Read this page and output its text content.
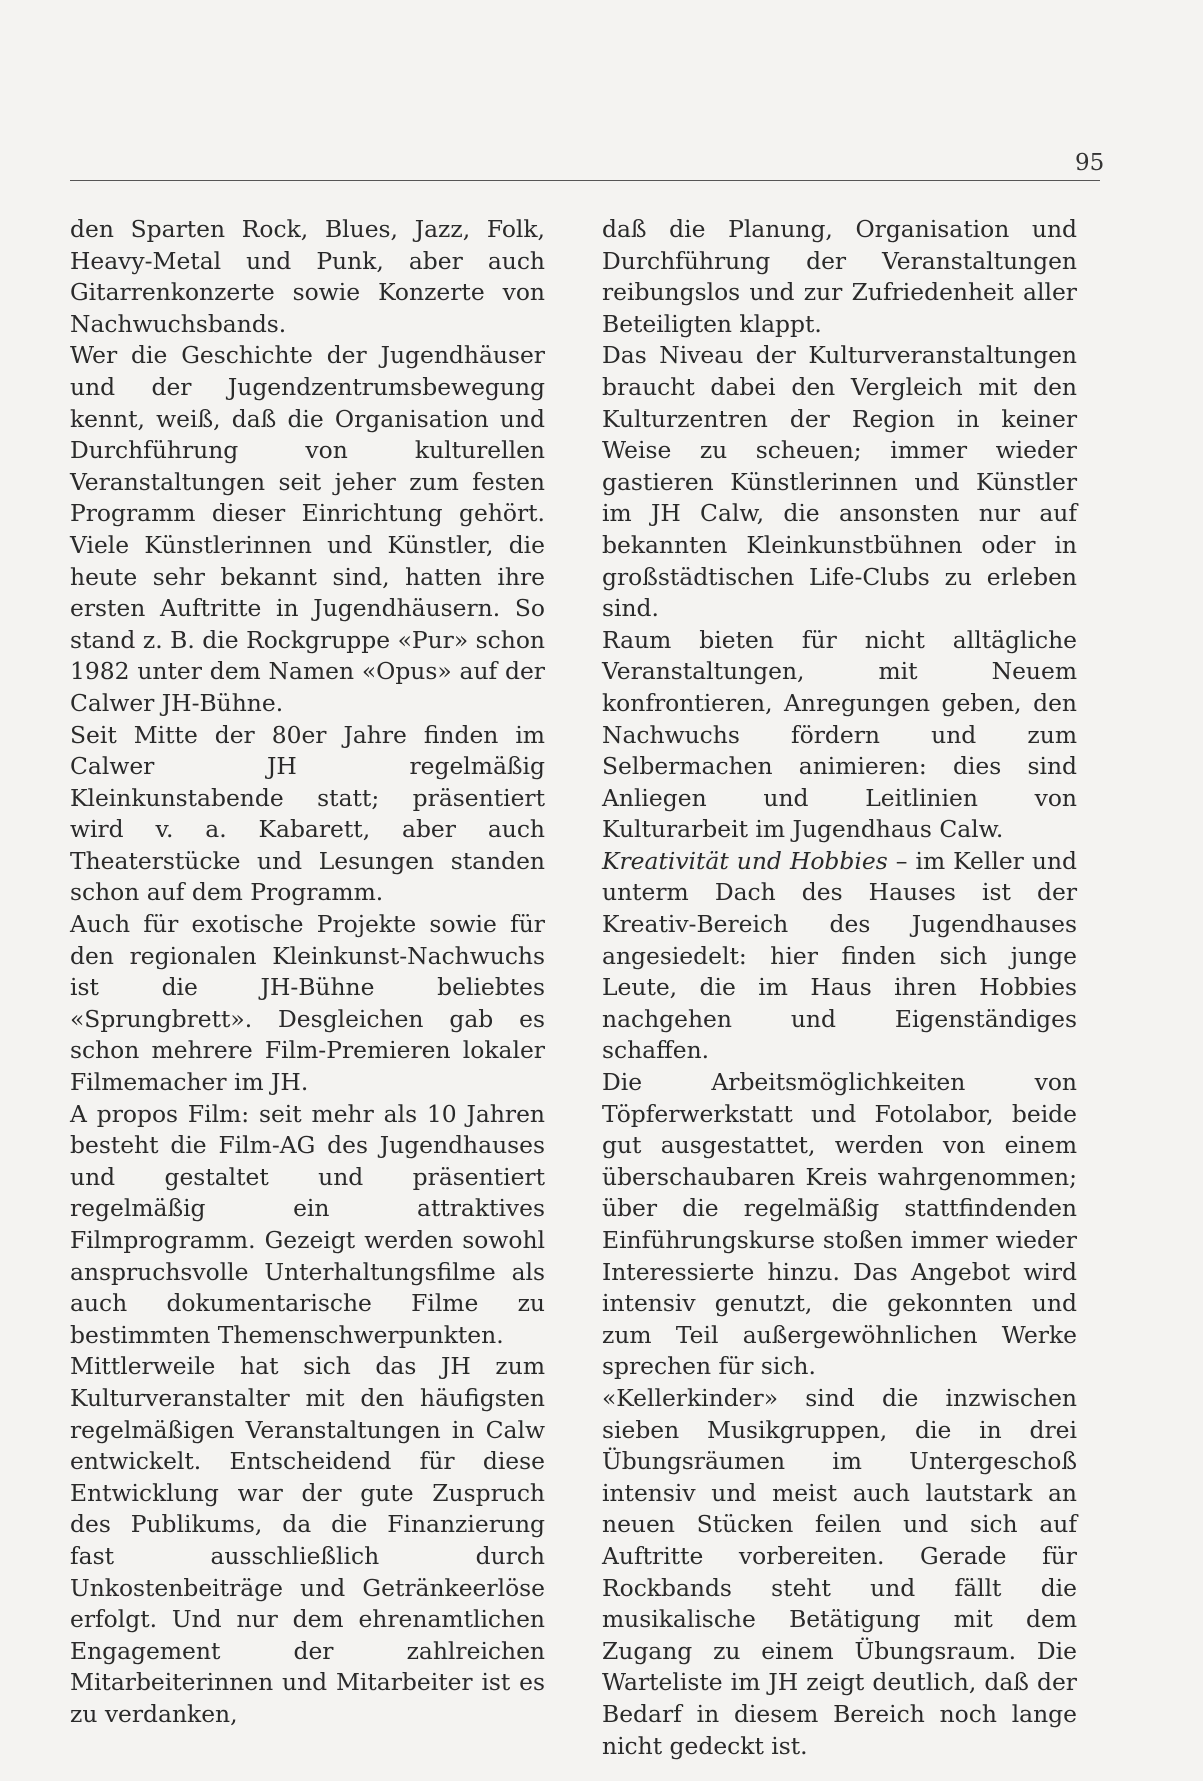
95

den Sparten Rock, Blues, Jazz, Folk, Heavy-Metal und Punk, aber auch Gitarrenkonzerte sowie Konzerte von Nachwuchsbands.

Wer die Geschichte der Jugendhäuser und der Jugendzentrumsbewegung kennt, weiß, daß die Organisation und Durchführung von kulturellen Veranstaltungen seit jeher zum festen Programm dieser Einrichtung gehört. Viele Künstlerinnen und Künstler, die heute sehr bekannt sind, hatten ihre ersten Auftritte in Jugendhäusern. So stand z. B. die Rockgruppe «Pur» schon 1982 unter dem Namen «Opus» auf der Calwer JH-Bühne.

Seit Mitte der 80er Jahre finden im Calwer JH regelmäßig Kleinkunstabende statt; präsentiert wird v. a. Kabarett, aber auch Theaterstücke und Lesungen standen schon auf dem Programm.

Auch für exotische Projekte sowie für den regionalen Kleinkunst-Nachwuchs ist die JH-Bühne beliebtes «Sprungbrett». Desgleichen gab es schon mehrere Film-Premieren lokaler Filmemacher im JH.

A propos Film: seit mehr als 10 Jahren besteht die Film-AG des Jugendhauses und gestaltet und präsentiert regelmäßig ein attraktives Filmprogramm. Gezeigt werden sowohl anspruchsvolle Unterhaltungsfilme als auch dokumentarische Filme zu bestimmten Themenschwerpunkten.

Mittlerweile hat sich das JH zum Kulturveranstalter mit den häufigsten regelmäßigen Veranstaltungen in Calw entwickelt. Entscheidend für diese Entwicklung war der gute Zuspruch des Publikums, da die Finanzierung fast ausschließlich durch Unkostenbeiträge und Getränkeerlöse erfolgt. Und nur dem ehrenamtlichen Engagement der zahlreichen Mitarbeiterinnen und Mitarbeiter ist es zu verdanken,

daß die Planung, Organisation und Durchführung der Veranstaltungen reibungslos und zur Zufriedenheit aller Beteiligten klappt.

Das Niveau der Kulturveranstaltungen braucht dabei den Vergleich mit den Kulturzentren der Region in keiner Weise zu scheuen; immer wieder gastieren Künstlerinnen und Künstler im JH Calw, die ansonsten nur auf bekannten Kleinkunstbühnen oder in großstädtischen Life-Clubs zu erleben sind.

Raum bieten für nicht alltägliche Veranstaltungen, mit Neuem konfrontieren, Anregungen geben, den Nachwuchs fördern und zum Selbermachen animieren: dies sind Anliegen und Leitlinien von Kulturarbeit im Jugendhaus Calw.

Kreativität und Hobbies – im Keller und unterm Dach des Hauses ist der Kreativ-Bereich des Jugendhauses angesiedelt: hier finden sich junge Leute, die im Haus ihren Hobbies nachgehen und Eigenständiges schaffen.

Die Arbeitsmöglichkeiten von Töpferwerkstatt und Fotolabor, beide gut ausgestattet, werden von einem überschaubaren Kreis wahrgenommen; über die regelmäßig stattfindenden Einführungskurse stoßen immer wieder Interessierte hinzu. Das Angebot wird intensiv genutzt, die gekonnten und zum Teil außergewöhnlichen Werke sprechen für sich.

«Kellerkinder» sind die inzwischen sieben Musikgruppen, die in drei Übungsräumen im Untergeschoß intensiv und meist auch lautstark an neuen Stücken feilen und sich auf Auftritte vorbereiten. Gerade für Rockbands steht und fällt die musikalische Betätigung mit dem Zugang zu einem Übungsraum. Die Warteliste im JH zeigt deutlich, daß der Bedarf in diesem Bereich noch lange nicht gedeckt ist.
